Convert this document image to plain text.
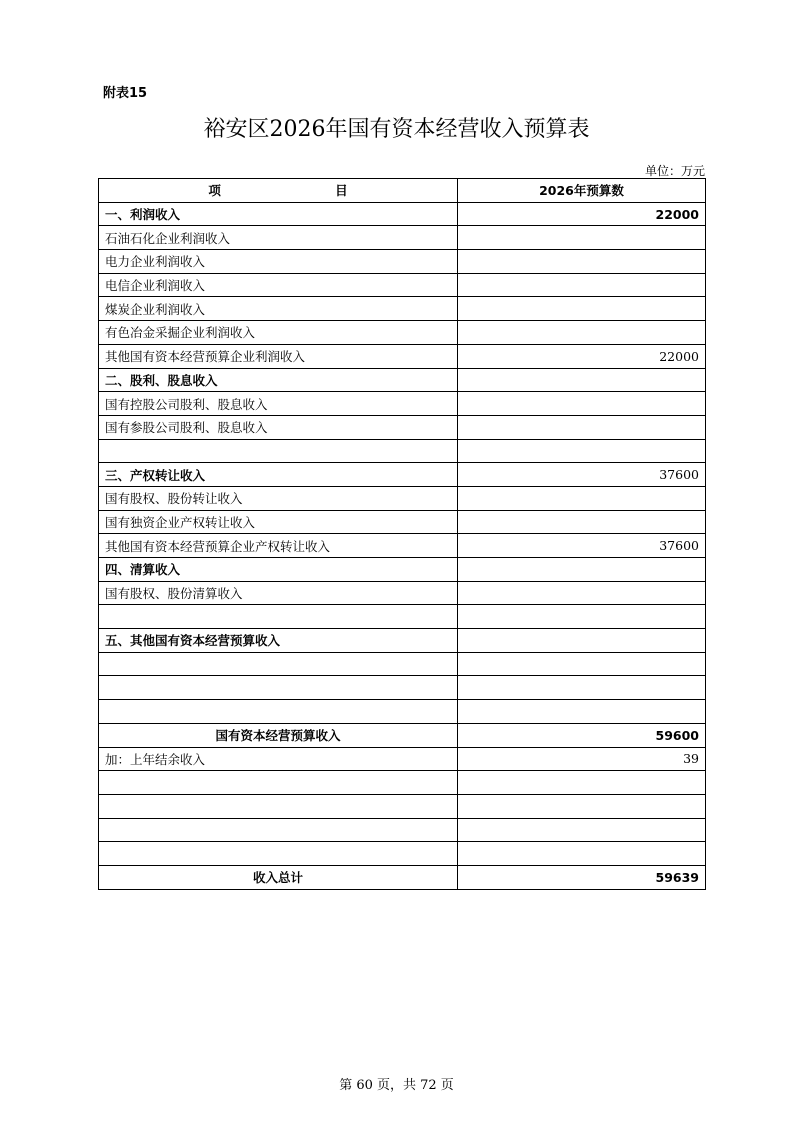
附表15
裕安区2026年国有资本经营收入预算表
单位：万元
项 目	2026年预算数
一、利润收入	22000
石油石化企业利润收入	
电力企业利润收入	
电信企业利润收入	
煤炭企业利润收入	
有色冶金采掘企业利润收入	
其他国有资本经营预算企业利润收入	22000
二、股利、股息收入	
国有控股公司股利、股息收入	
国有参股公司股利、股息收入	

三、产权转让收入	37600
国有股权、股份转让收入	
国有独资企业产权转让收入	
其他国有资本经营预算企业产权转让收入	37600
四、清算收入	
国有股权、股份清算收入	

五、其他国有资本经营预算收入	

国有资本经营预算收入	59600
加：上年结余收入	39

收入总计	59639
第 60 页，共 72 页
